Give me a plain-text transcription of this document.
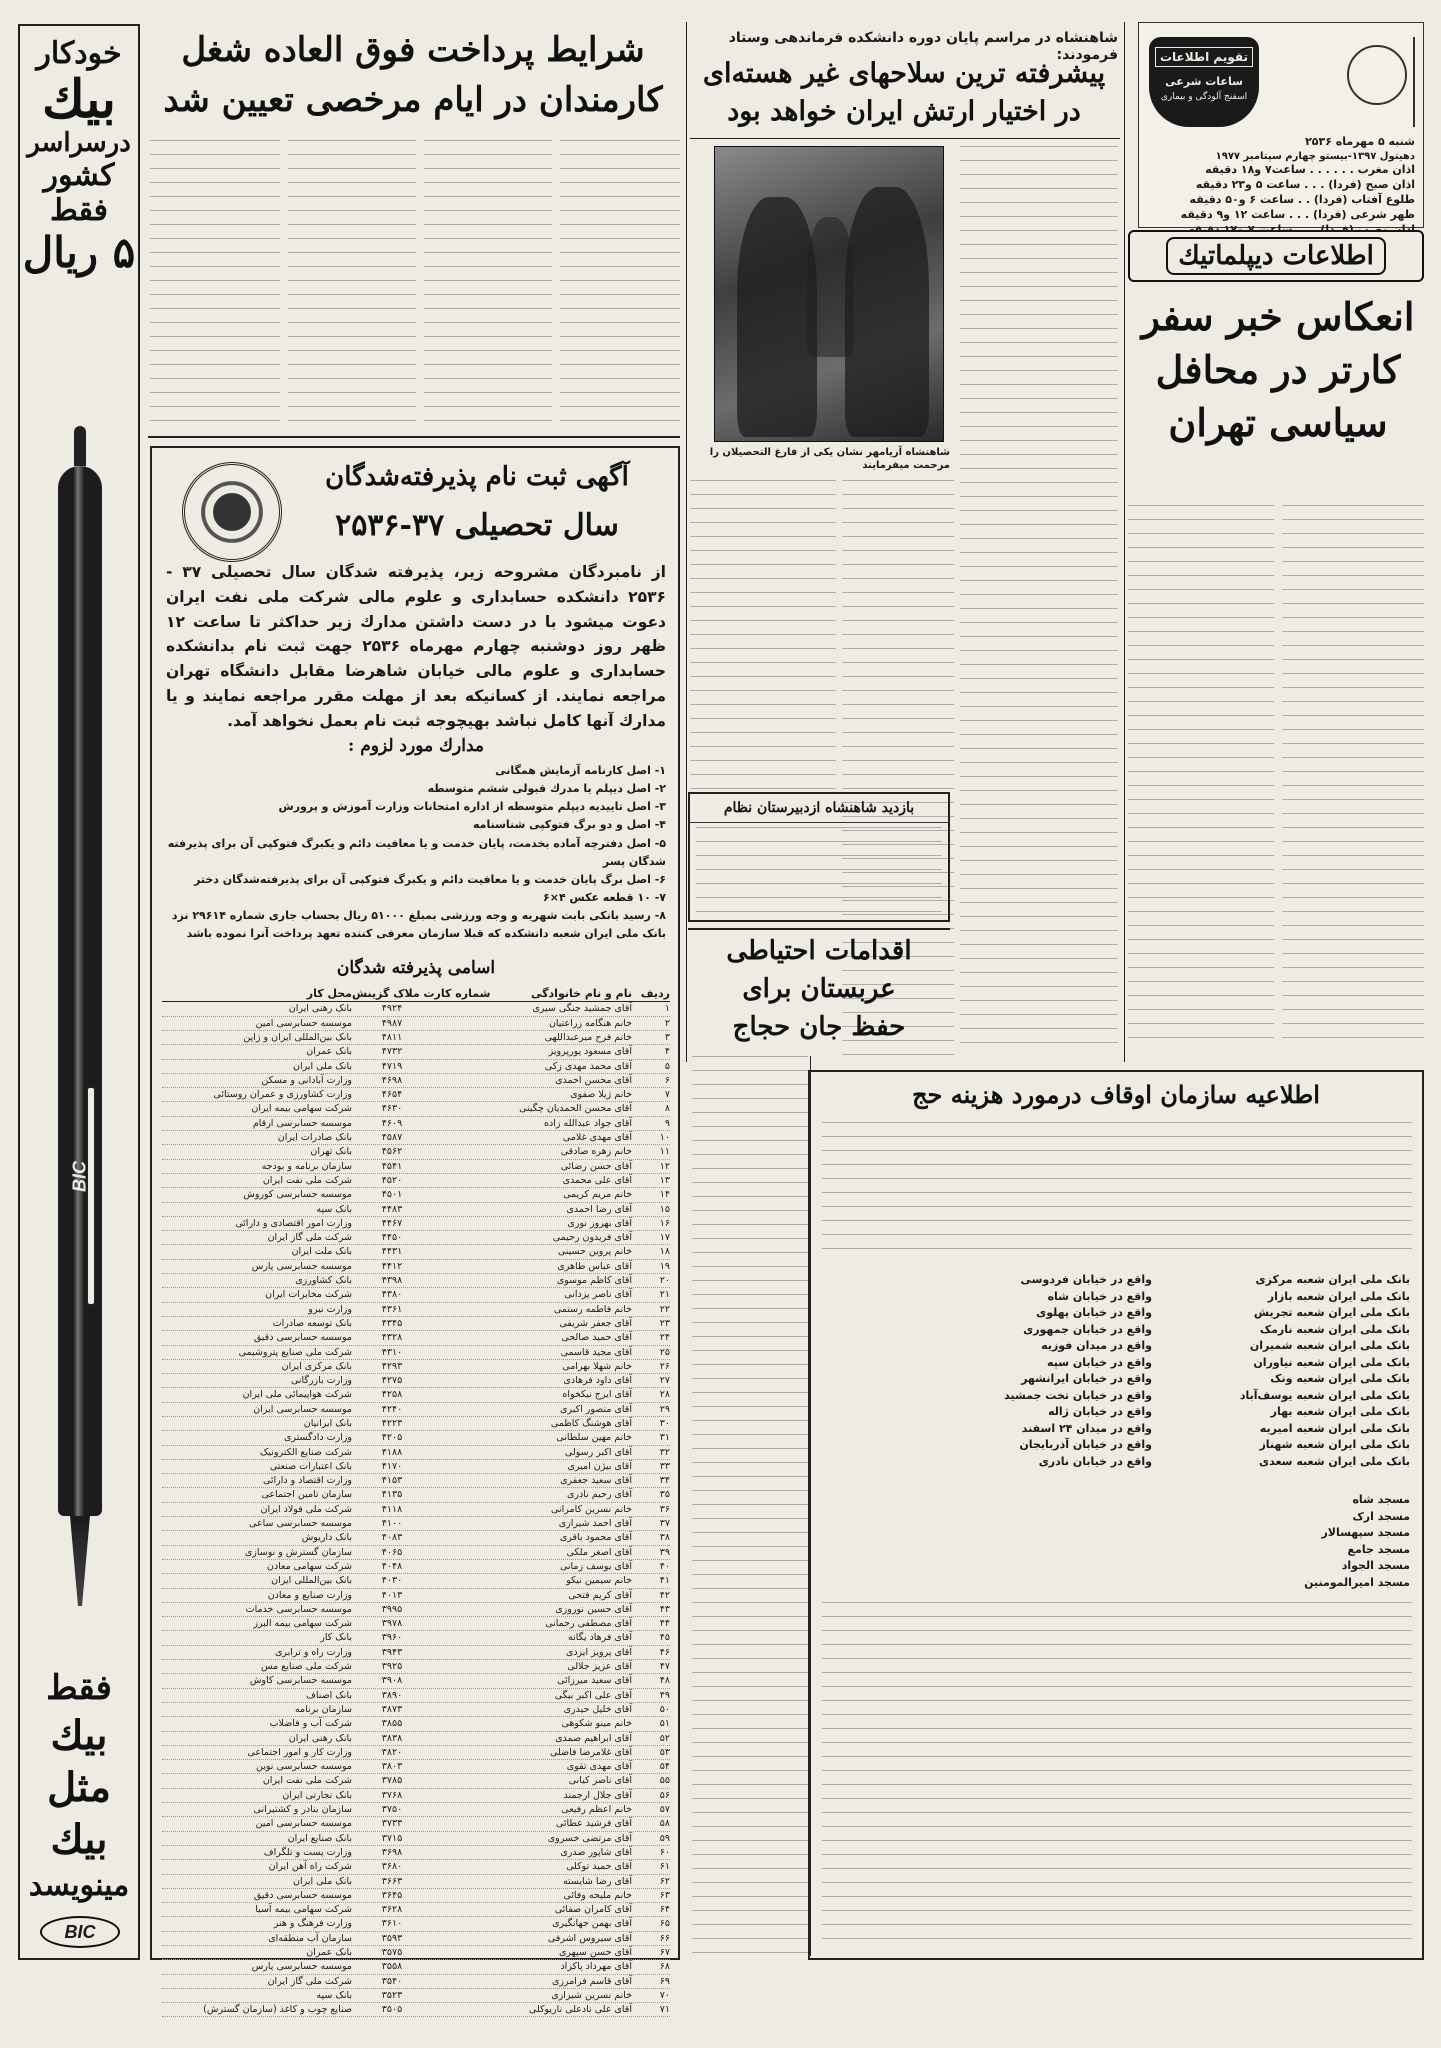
تقویم اطلاعات
ساعات شرعی
اسفنج آلودگی و بیماری
شنبه ۵ مهرماه ۲۵۳۶
دهیتول ۱۳۹۷-بیستو چهارم سپتامبر ۱۹۷۷
اذان مغرب . . . . . . ساعت۷ و۱۸ دقیقه
اذان صبح (فردا) . . . ساعت ۵ و۲۳ دقیقه
طلوع آفتاب (فردا) . . ساعت ۶ و۵۰ دقیقه
ظهر شرعی (فردا) . . . ساعت ۱۲ و۹ دقیقه
اطلاعات دیپلماتیك
انعکاس خبر سفر کارتر در محافل سیاسی تهران
شاهنشاه در مراسم پایان دوره دانشکده فرماندهی وستاد فرمودند:
پیشرفته ترین سلاحهای غیر هسته‌ای
در اختیار ارتش ایران خواهد بود
شاهنشاه آریامهر نشان یکی از فارغ التحصیلان را مرحمت میفرمایند
بازدید شاهنشاه ازدبیرستان نظام
شرایط پرداخت فوق العاده شغل
کارمندان در ایام مرخصی تعیین شد
خودکار
بیك
درسراسر
کشور
فقط
۵ ریال
BIC
فقط
بیك
مثل
بیك
مینویسد
BIC
آگهی ثبت نام پذیرفته‌شدگان
سال تحصیلی ۳۷-۲۵۳۶
از نامبردگان مشروحه زیر، پذیرفته شدگان سال تحصیلی ۳۷ - ۲۵۳۶ دانشکده حسابداری و علوم مالی شرکت ملی نفت ایران دعوت میشود با در دست داشتن مدارك زیر حداکثر تا ساعت ۱۲ ظهر روز دوشنبه چهارم مهرماه ۲۵۳۶ جهت ثبت نام بدانشکده حسابداری و علوم مالی خیابان شاهرضا مقابل دانشگاه تهران مراجعه نمایند. از کسانیکه بعد از مهلت مقرر مراجعه نمایند و یا مدارك آنها کامل نباشد بهیچوجه ثبت نام بعمل نخواهد آمد.
مدارك مورد لزوم :
۱- اصل کارنامه آزمایش همگانی
۲- اصل دیپلم یا مدرك قبولی ششم متوسطه
۳- اصل تاییدیه دیپلم متوسطه از اداره امتحانات وزارت آموزش و پرورش
۴- اصل و دو برگ فتوکپی شناسنامه
۵- اصل دفترچه آماده بخدمت، پایان خدمت و یا معافیت دائم و یکبرگ فتوکپی آن برای پذیرفته شدگان پسر
۶- اصل برگ پایان خدمت و یا معافیت دائم و یکبرگ فتوکپی آن برای پذیرفته‌شدگان دختر
۷- ۱۰ قطعه عکس ۴×۶
۸- رسید بانکی بابت شهریه و وجه ورزشی بمبلغ ۵۱۰۰۰ ریال بحساب جاری شماره ۲۹۶۱۴ نزد بانک ملی ایران شعبه دانشکده که قبلا سازمان معرفی کننده تعهد پرداخت آنرا نموده باشد
اسامی پذیرفته شدگان
ردیف
نام و نام خانوادگی
شماره کارت ملاک گزینش
محل کار
۱
آقای جمشید جنگی سیری
۴۹۲۴
بانک رهنی ایران
۲
خانم هنگامه زراعتیان
۴۹۸۷
موسسه حسابرسی امین
۳
خانم فرح میرعبداللهی
۴۸۱۱
بانک بین‌المللی ایران و ژاپن
۴
آقای مسعود پورپرویز
۴۷۳۲
بانک عمران
۵
آقای محمد مهدی زکی
۴۷۱۹
بانک ملی ایران
۶
آقای محسن احمدی
۴۶۹۸
وزارت آبادانی و مسکن
۷
خانم ژیلا صفوی
۴۶۵۴
وزارت کشاورزی و عمران روستائی
۸
آقای محسن الحمدیان چگینی
۴۶۳۰
شرکت سهامی بیمه ایران
۹
آقای جواد عبدالله زاده
۴۶۰۹
موسسه حسابرسی ارقام
۱۰
آقای مهدی غلامی
۴۵۸۷
بانک صادرات ایران
۱۱
خانم زهره صادقی
۴۵۶۲
بانک تهران
۱۲
آقای حسن رضائی
۴۵۴۱
سازمان برنامه و بودجه
۱۳
آقای علی محمدی
۴۵۲۰
شرکت ملی نفت ایران
۱۴
خانم مریم کریمی
۴۵۰۱
موسسه حسابرسی کوروش
۱۵
آقای رضا احمدی
۴۴۸۳
بانک سپه
۱۶
آقای بهروز نوری
۴۴۶۷
وزارت امور اقتصادی و دارائی
۱۷
آقای فریدون رحیمی
۴۴۵۰
شرکت ملی گاز ایران
۱۸
خانم پروین حسینی
۴۴۳۱
بانک ملت ایران
۱۹
آقای عباس طاهری
۴۴۱۲
موسسه حسابرسی پارس
۲۰
آقای کاظم موسوی
۴۳۹۸
بانک کشاورزی
۲۱
آقای ناصر یزدانی
۴۳۸۰
شرکت مخابرات ایران
۲۲
خانم فاطمه رستمی
۴۳۶۱
وزارت نیرو
۲۳
آقای جعفر شریفی
۴۳۴۵
بانک توسعه صادرات
۲۴
آقای حمید صالحی
۴۳۲۸
موسسه حسابرسی دقیق
۲۵
آقای مجید قاسمی
۴۳۱۰
شرکت ملی صنایع پتروشیمی
۲۶
خانم شهلا بهرامی
۴۲۹۳
بانک مرکزی ایران
۲۷
آقای داود فرهادی
۴۲۷۵
وزارت بازرگانی
۲۸
آقای ایرج نیکخواه
۴۲۵۸
شرکت هواپیمائی ملی ایران
۲۹
آقای منصور اکبری
۴۲۴۰
موسسه حسابرسی ایران
۳۰
آقای هوشنگ کاظمی
۴۲۲۳
بانک ایرانیان
۳۱
خانم مهین سلطانی
۴۲۰۵
وزارت دادگستری
۳۲
آقای اکبر رسولی
۴۱۸۸
شرکت صنایع الکترونیک
۳۳
آقای بیژن امیری
۴۱۷۰
بانک اعتبارات صنعتی
۳۴
آقای سعید جعفری
۴۱۵۳
وزارت اقتصاد و دارائی
۳۵
آقای رحیم نادری
۴۱۳۵
سازمان تامین اجتماعی
۳۶
خانم نسرین کامرانی
۴۱۱۸
شرکت ملی فولاد ایران
۳۷
آقای احمد شیرازی
۴۱۰۰
موسسه حسابرسی ساعی
۳۸
آقای محمود باقری
۴۰۸۳
بانک داریوش
۳۹
آقای اصغر ملکی
۴۰۶۵
سازمان گسترش و نوسازی
۴۰
آقای یوسف زمانی
۴۰۴۸
شرکت سهامی معادن
۴۱
خانم سیمین نیکو
۴۰۳۰
بانک بین‌المللی ایران
۴۲
آقای کریم فتحی
۴۰۱۳
وزارت صنایع و معادن
۴۳
آقای حسین نوروزی
۳۹۹۵
موسسه حسابرسی خدمات
۴۴
آقای مصطفی رحمانی
۳۹۷۸
شرکت سهامی بیمه البرز
۴۵
آقای فرهاد یگانه
۳۹۶۰
بانک کار
۴۶
آقای پرویز ایزدی
۳۹۴۳
وزارت راه و ترابری
۴۷
آقای عزیز جلالی
۳۹۲۵
شرکت ملی صنایع مس
۴۸
آقای سعید میرزائی
۳۹۰۸
موسسه حسابرسی کاوش
۴۹
آقای علی اکبر بیگی
۳۸۹۰
بانک اصناف
۵۰
آقای خلیل حیدری
۳۸۷۳
سازمان برنامه
۵۱
خانم مینو شکوهی
۳۸۵۵
شرکت آب و فاضلاب
۵۲
آقای ابراهیم صمدی
۳۸۳۸
بانک رهنی ایران
۵۳
آقای غلامرضا فاضلی
۳۸۲۰
وزارت کار و امور اجتماعی
۵۴
آقای مهدی تقوی
۳۸۰۳
موسسه حسابرسی نوین
۵۵
آقای ناصر کیانی
۳۷۸۵
شرکت ملی نفت ایران
۵۶
آقای جلال ارجمند
۳۷۶۸
بانک تجارتی ایران
۵۷
خانم اعظم رفیعی
۳۷۵۰
سازمان بنادر و کشتیرانی
۵۸
آقای فرشید عطائی
۳۷۳۳
موسسه حسابرسی امین
۵۹
آقای مرتضی خسروی
۳۷۱۵
بانک صنایع ایران
۶۰
آقای شاپور صدری
۳۶۹۸
وزارت پست و تلگراف
۶۱
آقای حمید توکلی
۳۶۸۰
شرکت راه آهن ایران
۶۲
آقای رضا شایسته
۳۶۶۳
بانک ملی ایران
۶۳
خانم ملیحه وفائی
۳۶۴۵
موسسه حسابرسی دقیق
۶۴
آقای کامران صفائی
۳۶۲۸
شرکت سهامی بیمه آسیا
۶۵
آقای بهمن جهانگیری
۳۶۱۰
وزارت فرهنگ و هنر
۶۶
آقای سیروس اشرفی
۳۵۹۳
سازمان آب منطقه‌ای
۶۷
آقای حسن سپهری
۳۵۷۵
بانک عمران
۶۸
آقای مهرداد پاکزاد
۳۵۵۸
موسسه حسابرسی پارس
۶۹
آقای قاسم فرامرزی
۳۵۴۰
شرکت ملی گاز ایران
۷۰
خانم نسرین شیرازی
۳۵۲۳
بانک سپه
۷۱
آقای علی نادعلی ناریوکلی
۳۵۰۵
صنایع چوب و کاغذ (سازمان گسترش)
اقدامات احتیاطی
عربستان برای
حفظ جان حجاج
اطلاعیه سازمان اوقاف درمورد هزینه حج
بانک ملی ایران شعبه مرکزی
بانک ملی ایران شعبه بازار
بانک ملی ایران شعبه تجریش
بانک ملی ایران شعبه نارمک
بانک ملی ایران شعبه شمیران
بانک ملی ایران شعبه نیاوران
بانک ملی ایران شعبه ونک
بانک ملی ایران شعبه یوسف‌آباد
بانک ملی ایران شعبه بهار
بانک ملی ایران شعبه امیریه
بانک ملی ایران شعبه شهناز
بانک ملی ایران شعبه سعدی
واقع در خیابان فردوسی
واقع در خیابان شاه
واقع در خیابان پهلوی
واقع در خیابان جمهوری
واقع در میدان فوزیه
واقع در خیابان سپه
واقع در خیابان ایرانشهر
واقع در خیابان تخت جمشید
واقع در خیابان ژاله
واقع در میدان ۲۴ اسفند
واقع در خیابان آذربایجان
واقع در خیابان نادری
مسجد شاه
مسجد ارک
مسجد سپهسالار
مسجد جامع
مسجد الجواد
مسجد امیرالمومنین
